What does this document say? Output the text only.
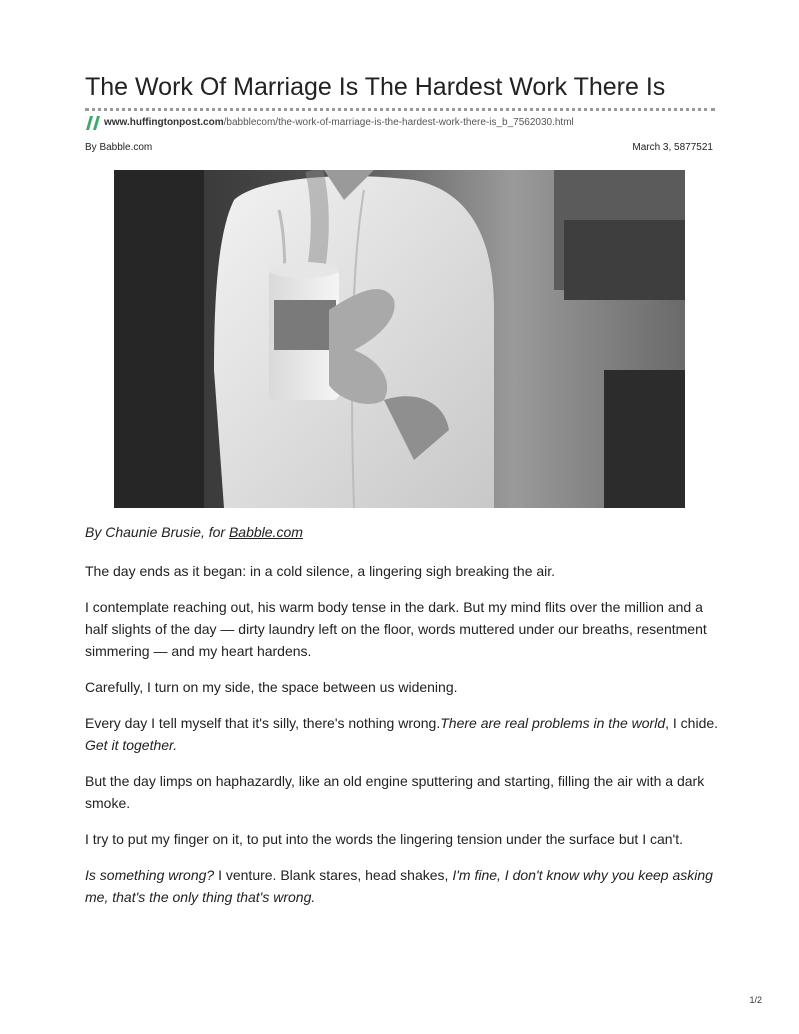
The Work Of Marriage Is The Hardest Work There Is
www.huffingtonpost.com/babblecom/the-work-of-marriage-is-the-hardest-work-there-is_b_7562030.html
By Babble.com	March 3, 5877521
By Chaunie Brusie, for Babble.com

The day ends as it began: in a cold silence, a lingering sigh breaking the air.

I contemplate reaching out, his warm body tense in the dark. But my mind flits over the million and a half slights of the day — dirty laundry left on the floor, words muttered under our breaths, resentment simmering — and my heart hardens.

Carefully, I turn on my side, the space between us widening.

Every day I tell myself that it's silly, there's nothing wrong.There are real problems in the world, I chide. Get it together.

But the day limps on haphazardly, like an old engine sputtering and starting, filling the air with a dark smoke.

I try to put my finger on it, to put into the words the lingering tension under the surface but I can't.

Is something wrong? I venture. Blank stares, head shakes, I'm fine, I don't know why you keep asking me, that's the only thing that's wrong.

1/2
